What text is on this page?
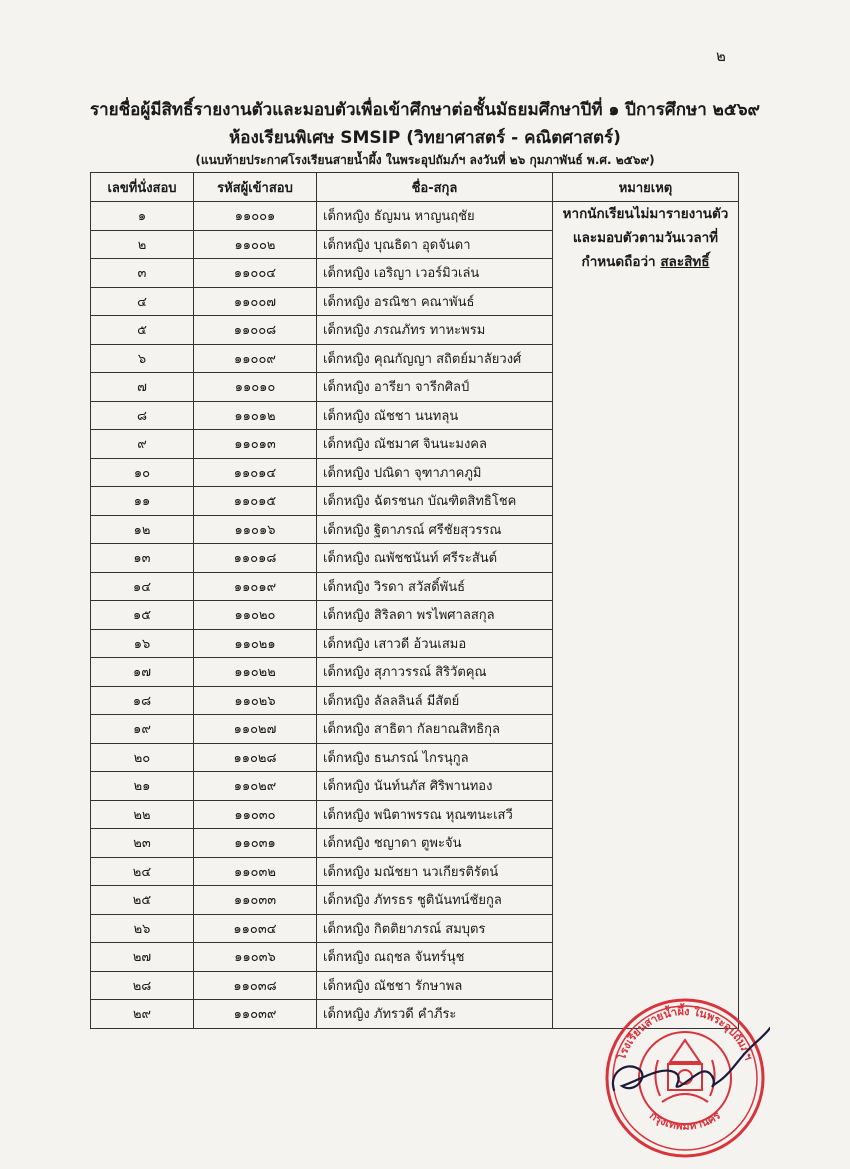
๒
รายชื่อผู้มีสิทธิ์รายงานตัวและมอบตัวเพื่อเข้าศึกษาต่อชั้นมัธยมศึกษาปีที่ ๑ ปีการศึกษา ๒๕๖๙
ห้องเรียนพิเศษ SMSIP (วิทยาศาสตร์ - คณิตศาสตร์)
(แนบท้ายประกาศโรงเรียนสายน้ำผึ้ง ในพระอุปถัมภ์ฯ ลงวันที่ ๒๖ กุมภาพันธ์ พ.ศ. ๒๕๖๙)
เลขที่นั่งสอบ	รหัสผู้เข้าสอบ	ชื่อ-สกุล	หมายเหตุ
๑	๑๑๐๐๑	เด็กหญิง ธัญมน หาญนฤชัย	หากนักเรียนไม่มารายงานตัวและมอบตัวตามวันเวลาที่กำหนดถือว่า สละสิทธิ์

๒	๑๑๐๐๒	เด็กหญิง บุณธิดา อุดจันดา	
๓	๑๑๐๐๔	เด็กหญิง เอริญา เวอร์มิวเล่น	
๔	๑๑๐๐๗	เด็กหญิง อรณิชา คณาพันธ์	
๕	๑๑๐๐๘	เด็กหญิง ภรณภัทร ทาหะพรม	
๖	๑๑๐๐๙	เด็กหญิง คุณกัญญา สถิตย์มาลัยวงศ์	
๗	๑๑๐๑๐	เด็กหญิง อารียา จารีกศิลป์	
๘	๑๑๐๑๒	เด็กหญิง ณัชชา นนทลุน	
๙	๑๑๐๑๓	เด็กหญิง ณัชมาศ จินนะมงคล	
๑๐	๑๑๐๑๔	เด็กหญิง ปณิดา จุฑาภาคภูมิ	
๑๑	๑๑๐๑๕	เด็กหญิง ฉัตรชนก บัณฑิตสิทธิโชค	
๑๒	๑๑๐๑๖	เด็กหญิง ฐิตาภรณ์ ศรีชัยสุวรรณ	
๑๓	๑๑๐๑๘	เด็กหญิง ณพัชชนันท์ ศรีระสันต์	
๑๔	๑๑๐๑๙	เด็กหญิง วิรดา สวัสดิ์พันธ์	
๑๕	๑๑๐๒๐	เด็กหญิง สิริลดา พรไพศาลสกุล	
๑๖	๑๑๐๒๑	เด็กหญิง เสาวดี อ้วนเสมอ	
๑๗	๑๑๐๒๒	เด็กหญิง สุภาวรรณ์ สิริวัตคุณ	
๑๘	๑๑๐๒๖	เด็กหญิง ลัลลลินล์ มีสัตย์	
๑๙	๑๑๐๒๗	เด็กหญิง สาธิตา กัลยาณสิทธิกุล	
๒๐	๑๑๐๒๘	เด็กหญิง ธนภรณ์ ไกรนุกูล	
๒๑	๑๑๐๒๙	เด็กหญิง นันท์นภัส ศิริพานทอง	
๒๒	๑๑๐๓๐	เด็กหญิง พนิตาพรรณ หุณฑนะเสวี	
๒๓	๑๑๐๓๑	เด็กหญิง ชญาดา ตูพะจัน	
๒๔	๑๑๐๓๒	เด็กหญิง มณัชยา นวเกียรติรัตน์	
๒๕	๑๑๐๓๓	เด็กหญิง ภัทรธร ชูตินันทน์ชัยกูล	
๒๖	๑๑๐๓๔	เด็กหญิง กิตติยาภรณ์ สมบุตร	
๒๗	๑๑๐๓๖	เด็กหญิง ณฤชล จันทร์นุช	
๒๘	๑๑๐๓๘	เด็กหญิง ณัชชา รักษาพล	
๒๙	๑๑๐๓๙	เด็กหญิง ภัทรวดี คำภีระ	
โรงเรียนสายน้ำผึ้ง ในพระอุปถัมภ์ฯ
กรุงเทพมหานคร
